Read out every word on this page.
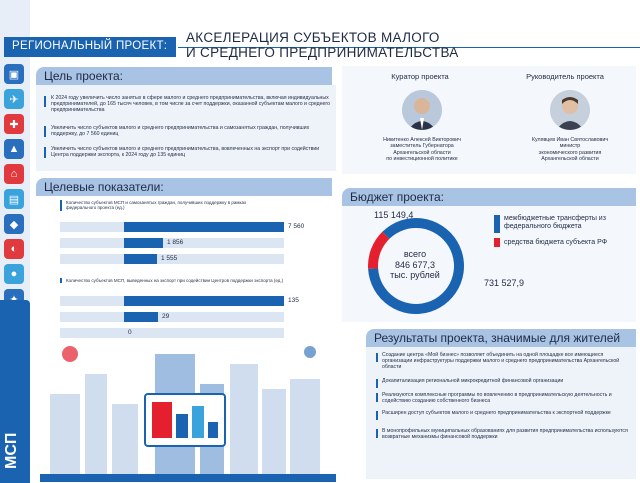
▣
✈
✚
▲
⌂
▤
◆
◐
●
МСП
РЕГИОНАЛЬНЫЙ ПРОЕКТ:
АКСЕЛЕРАЦИЯ СУБЪЕКТОВ МАЛОГО
И СРЕДНЕГО ПРЕДПРИНИМАТЕЛЬСТВА
Цель проекта:
К 2024 году увеличить число занятых в сфере малого и среднего предпринимательства, включая индивидуальных предпринимателей, до 165 тысяч человек, в том числе за счет поддержки, оказанной субъектам малого и среднего предпринимательства
Увеличить число субъектов малого и среднего предпринимательства и самозанятых граждан, получивших поддержку, до 7 560 единиц
Увеличить число субъектов малого и среднего предпринимательства, вовлеченных на экспорт при содействии Центра поддержки экспорта, к 2024 году до 135 единиц
Куратор проекта	Руководитель проекта
Никитенко Алексей Викторович
заместитель Губернатора
Архангельской области
по инвестиционной политике
Кулявцев Иван Святославович
министр
экономического развития
Архангельской области
Целевые показатели:
Количество субъектов МСП и самозанятых граждан, получивших поддержку в рамках федерального проекта (ед.)
Количество субъектов МСП, выведенных на экспорт при содействии Центров поддержки экспорта (ед.)
7 560
1 856
1 555
135
29
0
Бюджет проекта:
всего
846 677,3
тыс. рублей
115 149,4
731 527,9
межбюджетные трансферты из федерального бюджета
средства бюджета субъекта РФ
Результаты проекта, значимые для жителей
Создание центра «Мой бизнес» позволяет объединить на одной площадке все имеющиеся организации инфраструктуры поддержки малого и среднего предпринимательства Архангельской области
Докапитализация региональной микрокредитной финансовой организации
Реализуются комплексные программы по вовлечению в предпринимательскую деятельность и содействию созданию собственного бизнеса
Расширен доступ субъектов малого и среднего предпринимательства к экспортной поддержке
В монопрофильных муниципальных образованиях для развития предпринимательства используются возвратные механизмы финансовой поддержки
